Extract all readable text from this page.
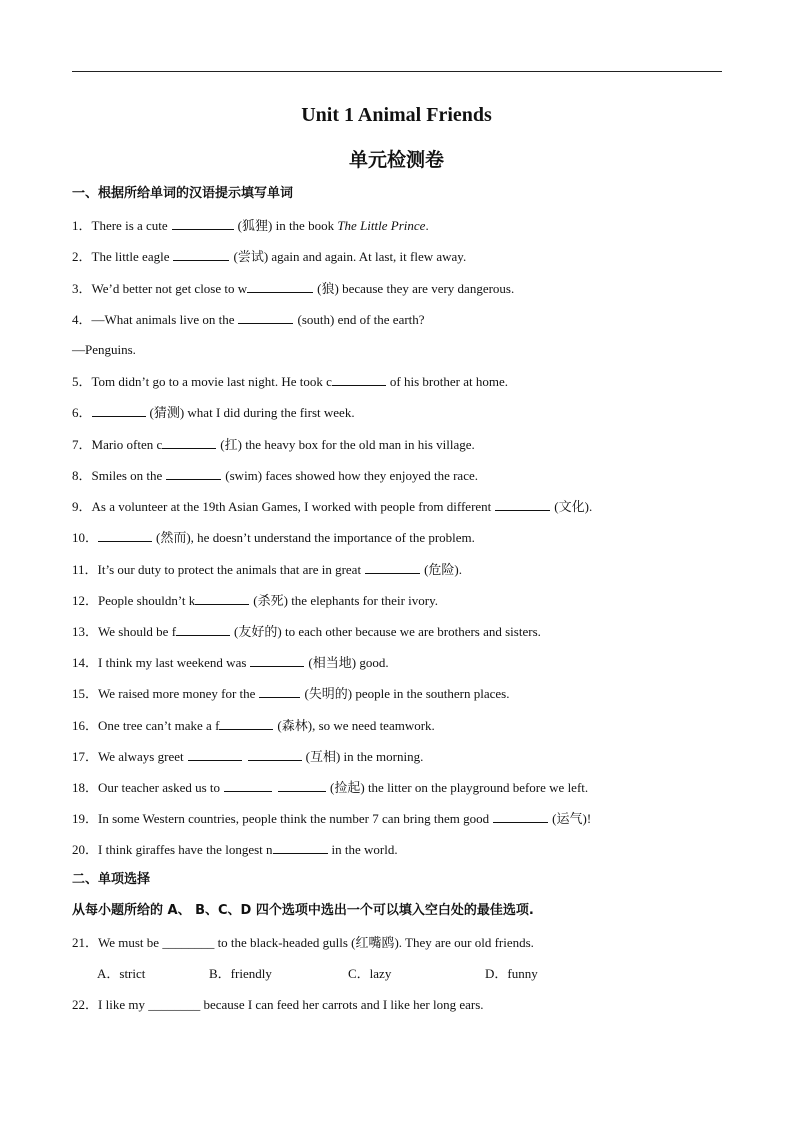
Unit 1 Animal Friends
单元检测卷
一、根据所给单词的汉语提示填写单词
1．There is a cute	(狐狸) in the book The Little Prince.
2．The little eagle	(尝试) again and again. At last, it flew away.
3．We’d better not get close to w	(狼) because they are very dangerous.
4．—What animals live on the	(south) end of the earth?
—Penguins.
5．Tom didn’t go to a movie last night. He took c	of his brother at home.
6．	(猜测) what I did during the first week.
7．Mario often c	(扛) the heavy box for the old man in his village.
8．Smiles on the	(swim) faces showed how they enjoyed the race.
9．As a volunteer at the 19th Asian Games, I worked with people from different	(文化).
10．	(然而), he doesn’t understand the importance of the problem.
11．It’s our duty to protect the animals that are in great	(危险).
12．People shouldn’t k	(杀死) the elephants for their ivory.
13．We should be f	(友好的) to each other because we are brothers and sisters.
14．I think my last weekend was	(相当地) good.
15．We raised more money for the	(失明的) people in the southern places.
16．One tree can’t make a f	(森林), so we need teamwork.
17．We always greet	(互相) in the morning.
18．Our teacher asked us to	(捡起) the litter on the playground before we left.
19．In some Western countries, people think the number 7 can bring them good	(运气)!
20．I think giraffes have the longest n	in the world.
二、单项选择
从每小题所给的 A、 B、C、D 四个选项中选出一个可以填入空白处的最佳选项.
21．We must be ________ to the black-headed gulls (红嘴鸥). They are our old friends.
A．strict	B．friendly	C．lazy	D．funny
22．I like my ________ because I can feed her carrots and I like her long ears.
